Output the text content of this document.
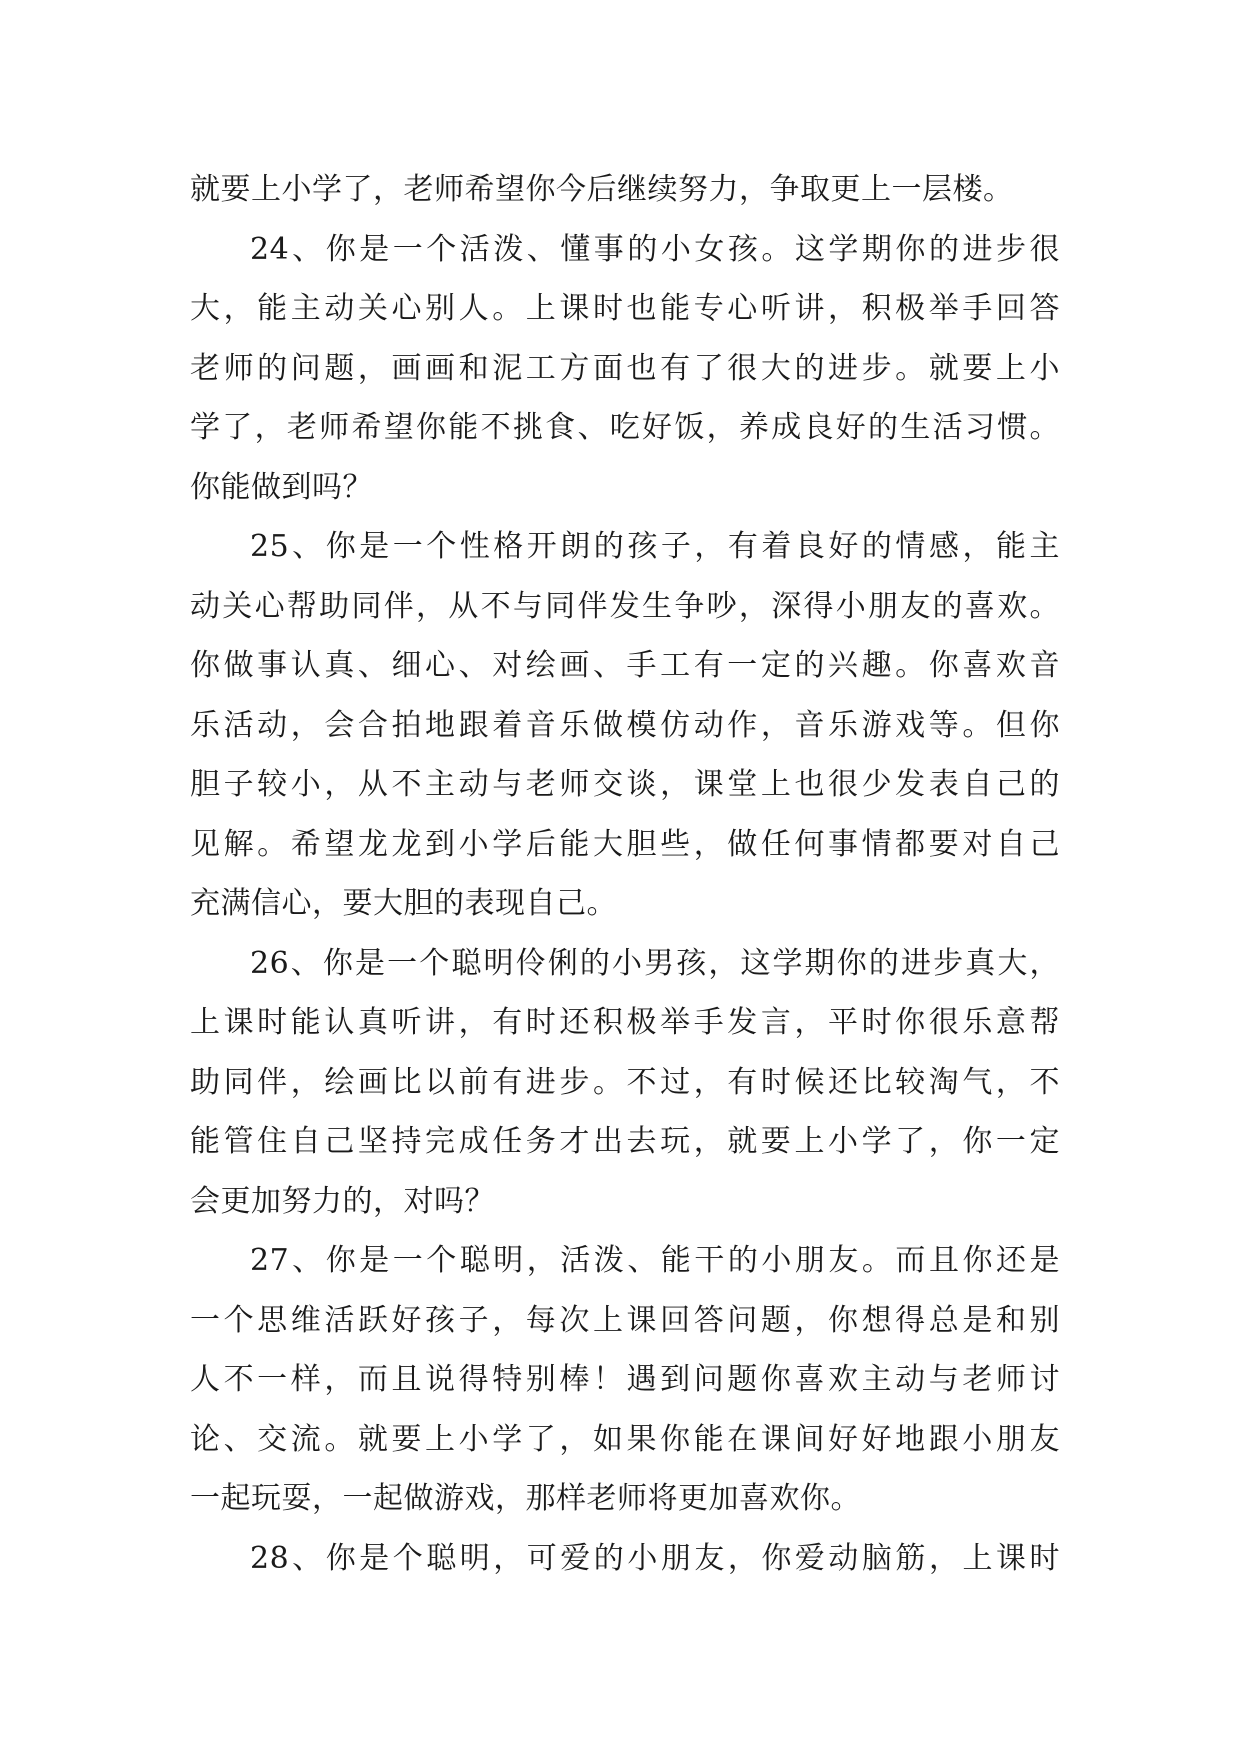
就要上小学了，老师希望你今后继续努力，争取更上一层楼。
24、你是一个活泼、懂事的小女孩。这学期你的进步很
大，能主动关心别人。上课时也能专心听讲，积极举手回答
老师的问题，画画和泥工方面也有了很大的进步。就要上小
学了，老师希望你能不挑食、吃好饭，养成良好的生活习惯。
你能做到吗？
25、你是一个性格开朗的孩子，有着良好的情感，能主
动关心帮助同伴，从不与同伴发生争吵，深得小朋友的喜欢。
你做事认真、细心、对绘画、手工有一定的兴趣。你喜欢音
乐活动，会合拍地跟着音乐做模仿动作，音乐游戏等。但你
胆子较小，从不主动与老师交谈，课堂上也很少发表自己的
见解。希望龙龙到小学后能大胆些，做任何事情都要对自己
充满信心，要大胆的表现自己。
26、你是一个聪明伶俐的小男孩，这学期你的进步真大，
上课时能认真听讲，有时还积极举手发言，平时你很乐意帮
助同伴，绘画比以前有进步。不过，有时候还比较淘气，不
能管住自己坚持完成任务才出去玩，就要上小学了，你一定
会更加努力的，对吗？
27、你是一个聪明，活泼、能干的小朋友。而且你还是
一个思维活跃好孩子，每次上课回答问题，你想得总是和别
人不一样，而且说得特别棒！遇到问题你喜欢主动与老师讨
论、交流。就要上小学了，如果你能在课间好好地跟小朋友
一起玩耍，一起做游戏，那样老师将更加喜欢你。
28、你是个聪明，可爱的小朋友，你爱动脑筋，上课时
